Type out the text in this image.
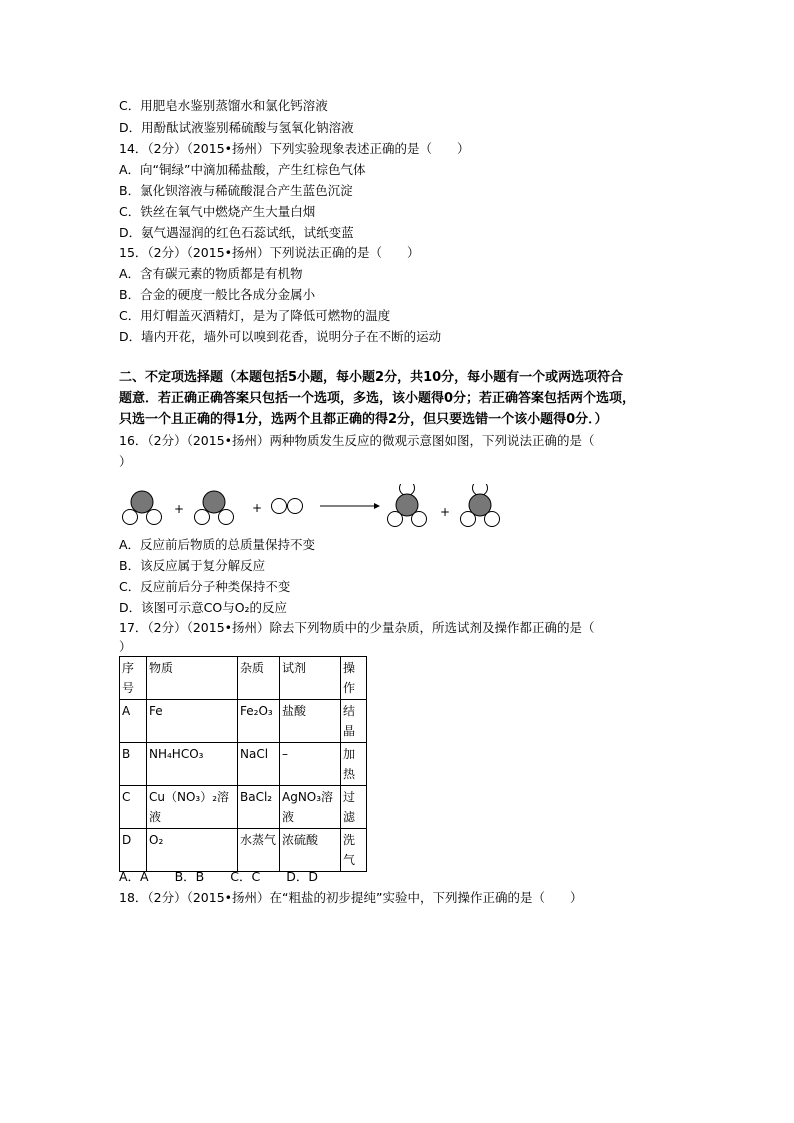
C．用肥皂水鉴别蒸馏水和氯化钙溶液
D．用酚酞试液鉴别稀硫酸与氢氧化钠溶液
14．（2分）（2015•扬州）下列实验现象表述正确的是（　　）
A．向“铜绿”中滴加稀盐酸，产生红棕色气体
B．氯化钡溶液与稀硫酸混合产生蓝色沉淀
C．铁丝在氧气中燃烧产生大量白烟
D．氨气遇湿润的红色石蕊试纸，试纸变蓝
15．（2分）（2015•扬州）下列说法正确的是（　　）
A．含有碳元素的物质都是有机物
B．合金的硬度一般比各成分金属小
C．用灯帽盖灭酒精灯，是为了降低可燃物的温度
D．墙内开花，墙外可以嗅到花香，说明分子在不断的运动
二、不定项选择题（本题包括5小题，每小题2分，共10分，每小题有一个或两选项符合
题意．若正确正确答案只包括一个选项，多选，该小题得0分；若正确答案包括两个选项，
只选一个且正确的得1分，选两个且都正确的得2分，但只要选错一个该小题得0分．）
16．（2分）（2015•扬州）两种物质发生反应的微观示意图如图，下列说法正确的是（
）
+	+	+
A．反应前后物质的总质量保持不变
B．该反应属于复分解反应
C．反应前后分子种类保持不变
D．该图可示意CO与O₂的反应
17．（2分）（2015•扬州）除去下列物质中的少量杂质，所选试剂及操作都正确的是（
）
序号	物质	杂质	试剂	操作
A	Fe	Fe₂O₃	盐酸	结晶
B	NH₄HCO₃	NaCl	–	加热
C	Cu（NO₃）₂溶液	BaCl₂	AgNO₃溶液	过滤
D	O₂	水蒸气	浓硫酸	洗气
A．A B．B C．C D．D
18．（2分）（2015•扬州）在“粗盐的初步提纯”实验中，下列操作正确的是（　　）
